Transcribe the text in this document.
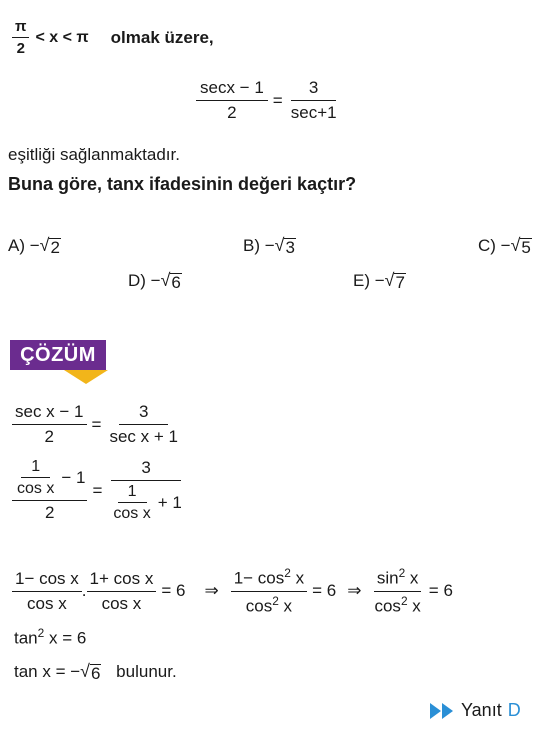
$\frac{\pi}{2} < x < \pi$ olmak üzere,
$\frac{\sec x - 1}{2} = \frac{3}{\sec+1}$
eşitliği sağlanmaktadır.
Buna göre, tanx ifadesinin değeri kaçtır?
A) − √ 2	B) − √ 3	C) − √ 5
D) − √ 6	E) − √ 7
ÇÖZÜM
$\frac{\text{sec x − 1}}{2} = \frac{3}{\text{sec x + 1}}$
$\frac{\frac{1}{\text{cos x}} - 1}{2} = \frac{3}{\frac{1}{\text{cos x}} + 1}$
$\frac{\text{1− cos x}}{\text{cos x}}$ . $\frac{\text{1+ cos x}}{\text{cos x}} = 6$ ⇒ $\frac{1- \cos^2 x}{\cos^2 x} = 6$ ⇒ $\frac{\sin^2 x}{\cos^2 x} = 6$
$\tan^2 x = 6$
tan x = − √ 6 bulunur.
Yanıt D
